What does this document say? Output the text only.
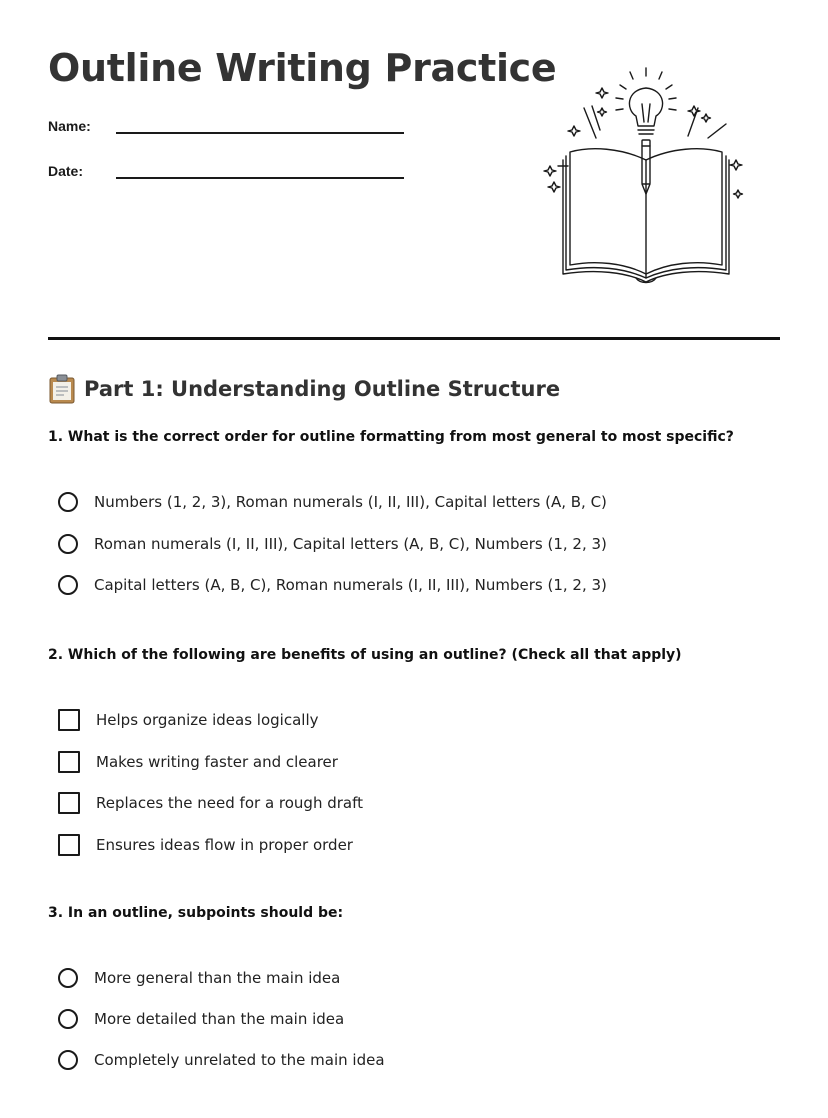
Outline Writing Practice
Name:
Date:
Part 1: Understanding Outline Structure
1. What is the correct order for outline formatting from most general to most specific?
Numbers (1, 2, 3), Roman numerals (I, II, III), Capital letters (A, B, C)
Roman numerals (I, II, III), Capital letters (A, B, C), Numbers (1, 2, 3)
Capital letters (A, B, C), Roman numerals (I, II, III), Numbers (1, 2, 3)
2. Which of the following are benefits of using an outline? (Check all that apply)
Helps organize ideas logically
Makes writing faster and clearer
Replaces the need for a rough draft
Ensures ideas flow in proper order
3. In an outline, subpoints should be:
More general than the main idea
More detailed than the main idea
Completely unrelated to the main idea
